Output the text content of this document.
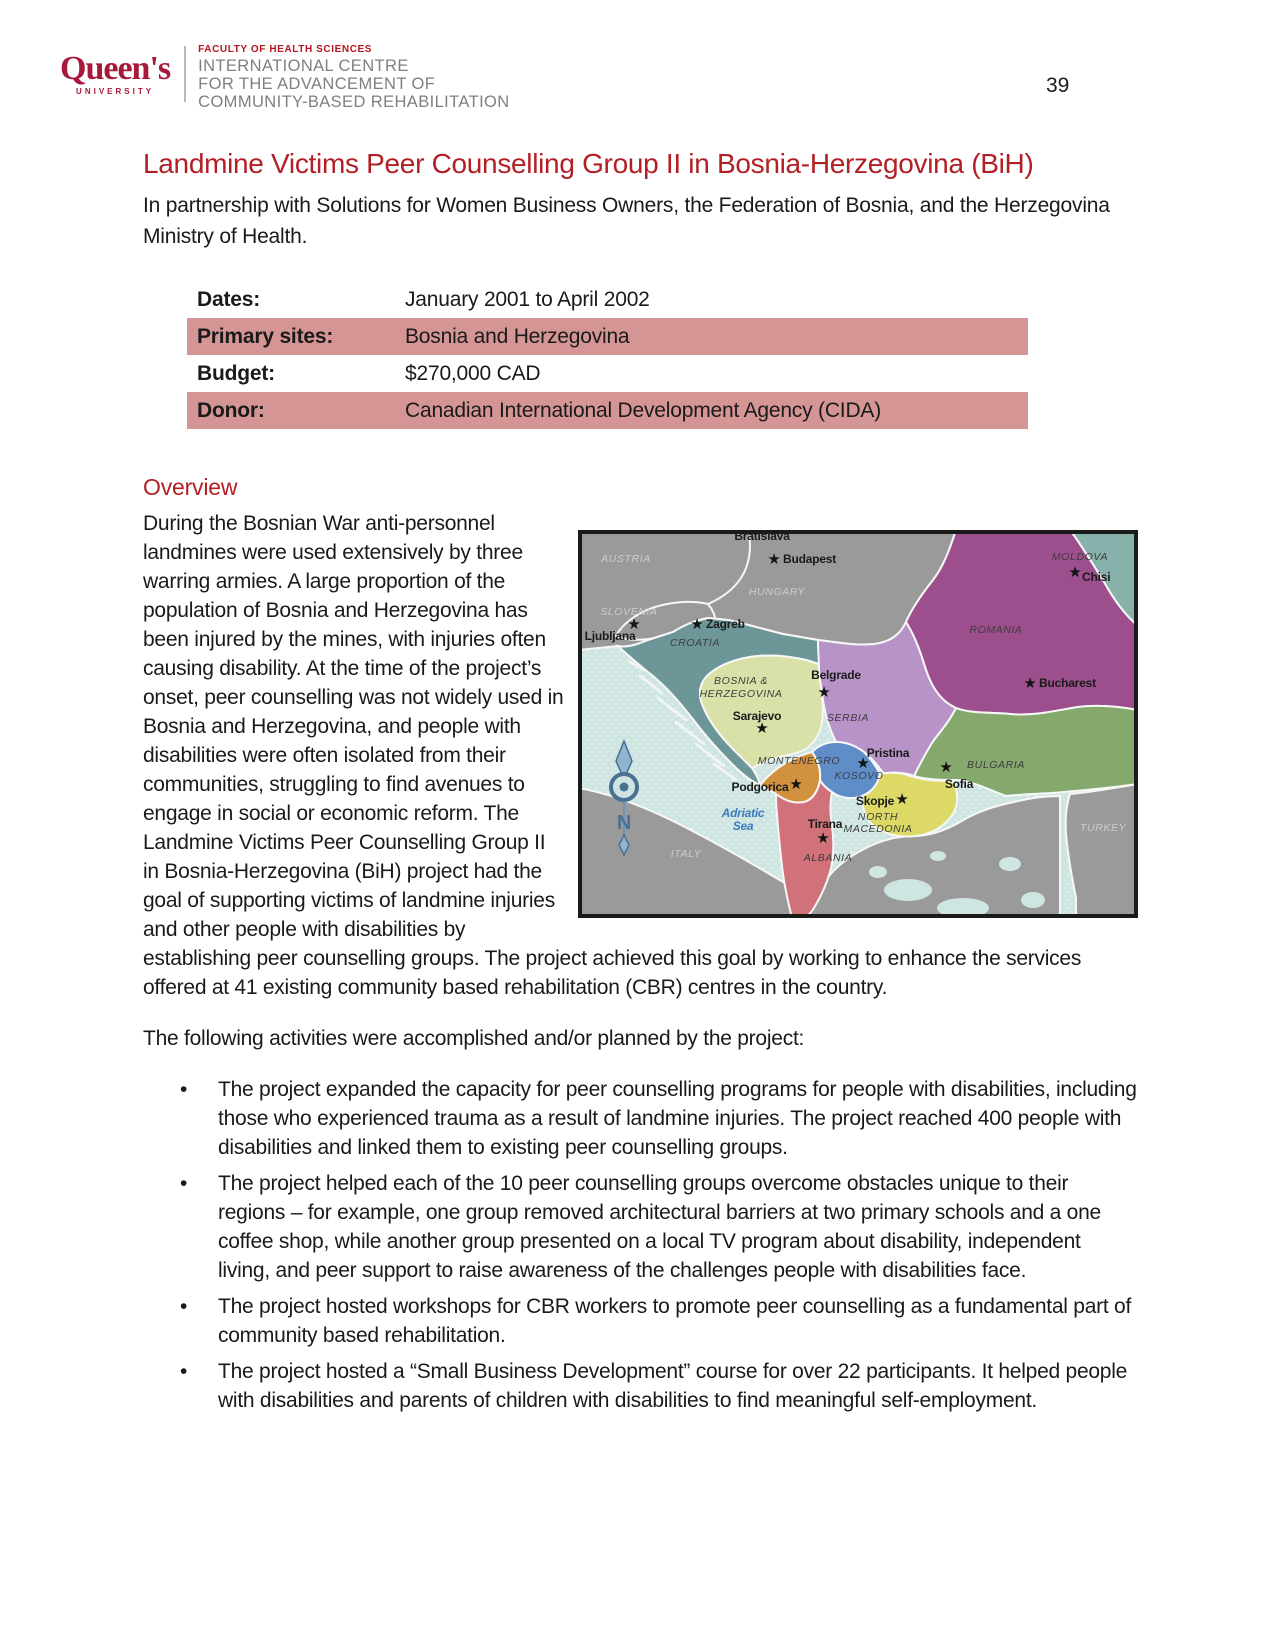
Queen's
UNIVERSITY
FACULTY OF HEALTH SCIENCES
INTERNATIONAL CENTRE
FOR THE ADVANCEMENT OF
COMMUNITY-BASED REHABILITATION
39
Landmine Victims Peer Counselling Group II in Bosnia-Herzegovina (BiH)
In partnership with Solutions for Women Business Owners, the Federation of Bosnia, and the Herzegovina Ministry of Health.
Dates:	January 2001 to April 2002
Primary sites:	Bosnia and Herzegovina
Budget:	$270,000 CAD
Donor:	Canadian International Development Agency (CIDA)
Overview
N
AUSTRIA
HUNGARY
SLOVENIA
CROATIA
BOSNIA &
HERZEGOVINA
SERBIA
ROMANIA
MOLDOVA
MONTENEGRO
KOSOVO
BULGARIA
NORTH
MACEDONIA
ALBANIA
ITALY
TURKEY
Bratislava
★ Budapest
★
Ljubljana
★ Zagreb
Belgrade
★
★ Bucharest
Sarajevo
★
Pristina
★
Podgorica ★
★
Sofia
Skopje ★
Tirana
★
★ Chisi
Adriatic
Sea
During the Bosnian War anti-personnel landmines were used extensively by three warring armies. A large proportion of the population of Bosnia and Herzegovina has been injured by the mines, with injuries often causing disability. At the time of the project’s onset, peer counselling was not widely used in Bosnia and Herzegovina, and people with disabilities were often isolated from their communities, struggling to find avenues to engage in social or economic reform. The Landmine Victims Peer Counselling Group II in Bosnia-Herzegovina (BiH) project had the goal of supporting victims of landmine injuries and other people with disabilities by establishing peer counselling groups. The project achieved this goal by working to enhance the services offered at 41 existing community based rehabilitation (CBR) centres in the country.

The following activities were accomplished and/or planned by the project:

• The project expanded the capacity for peer counselling programs for people with disabilities, including those who experienced trauma as a result of landmine injuries. The project reached 400 people with disabilities and linked them to existing peer counselling groups.
• The project helped each of the 10 peer counselling groups overcome obstacles unique to their regions – for example, one group removed architectural barriers at two primary schools and a one coffee shop, while another group presented on a local TV program about disability, independent living, and peer support to raise awareness of the challenges people with disabilities face.
• The project hosted workshops for CBR workers to promote peer counselling as a fundamental part of community based rehabilitation.
• The project hosted a “Small Business Development” course for over 22 participants. It helped people with disabilities and parents of children with disabilities to find meaningful self-employment.
